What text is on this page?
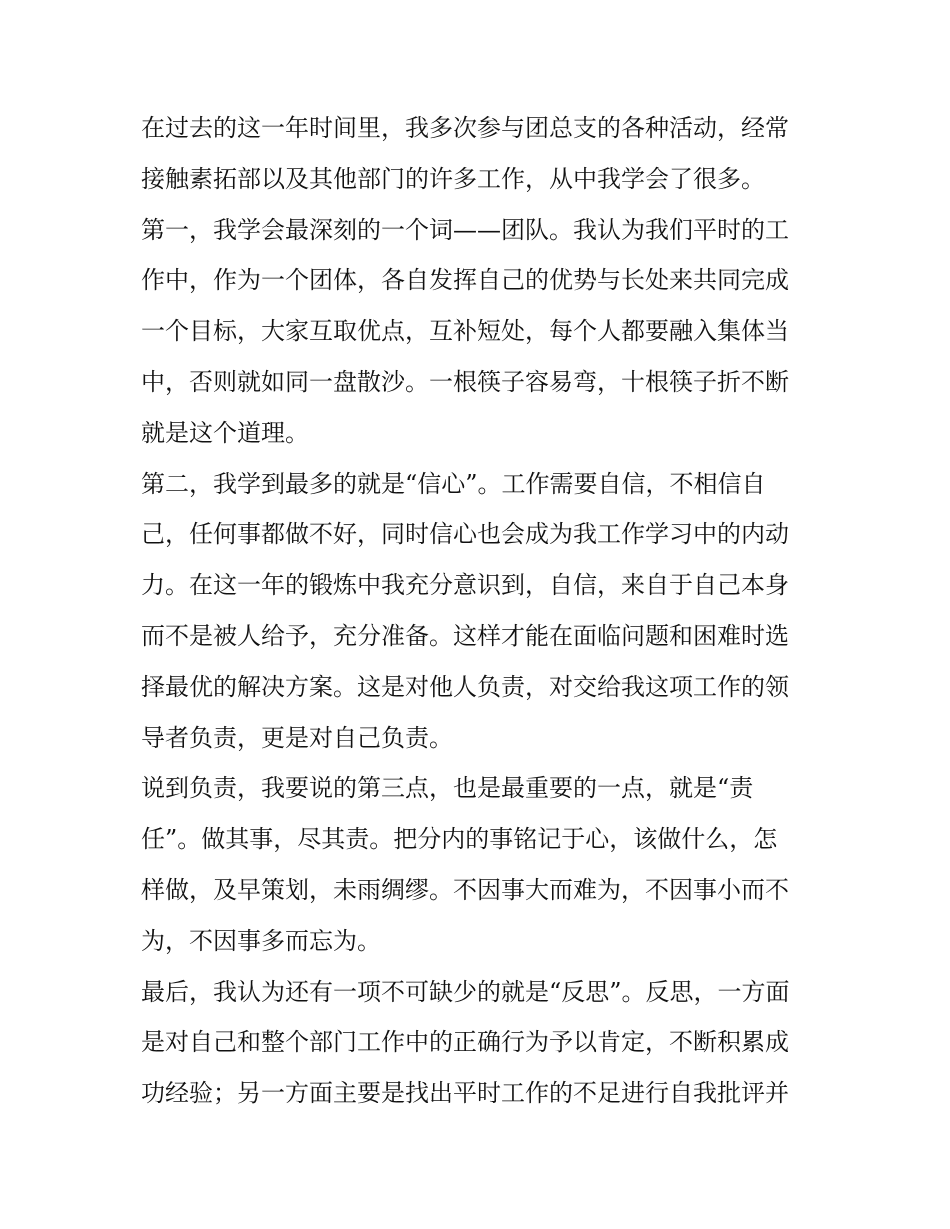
在过去的这一年时间里，我多次参与团总支的各种活动，经常
接触素拓部以及其他部门的许多工作，从中我学会了很多。
第一，我学会最深刻的一个词——团队。我认为我们平时的工
作中，作为一个团体，各自发挥自己的优势与长处来共同完成
一个目标，大家互取优点，互补短处，每个人都要融入集体当
中，否则就如同一盘散沙。一根筷子容易弯，十根筷子折不断
就是这个道理。
第二，我学到最多的就是“信心”。工作需要自信，不相信自
己，任何事都做不好，同时信心也会成为我工作学习中的内动
力。在这一年的锻炼中我充分意识到，自信，来自于自己本身
而不是被人给予，充分准备。这样才能在面临问题和困难时选
择最优的解决方案。这是对他人负责，对交给我这项工作的领
导者负责，更是对自己负责。
说到负责，我要说的第三点，也是最重要的一点，就是“责
任”。做其事，尽其责。把分内的事铭记于心，该做什么，怎
样做，及早策划，未雨绸缪。不因事大而难为，不因事小而不
为，不因事多而忘为。
最后，我认为还有一项不可缺少的就是“反思”。反思，一方面
是对自己和整个部门工作中的正确行为予以肯定，不断积累成
功经验；另一方面主要是找出平时工作的不足进行自我批评并
